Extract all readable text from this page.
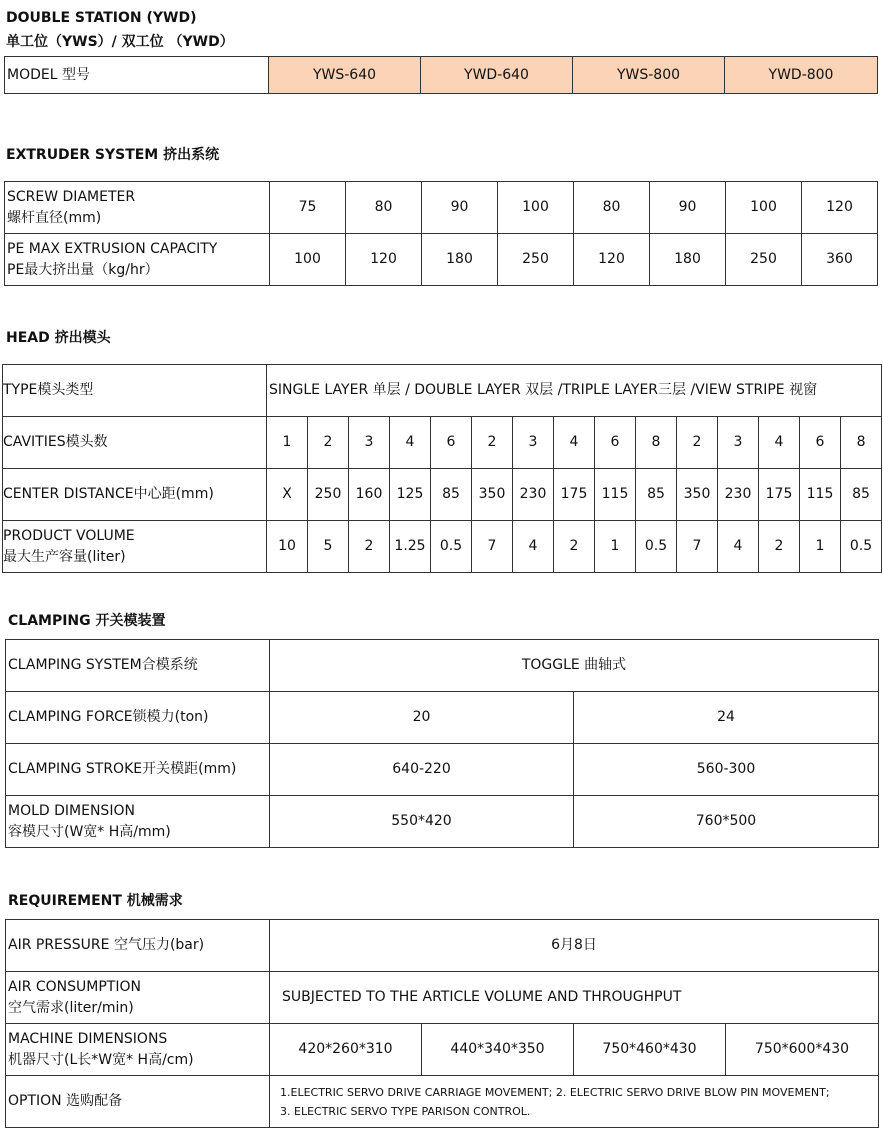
DOUBLE STATION (YWD)
单工位（YWS）/ 双工位 （YWD）
MODEL 型号	YWS-640	YWD-640	YWS-800	YWD-800
EXTRUDER SYSTEM 挤出系统
SCREW DIAMETER
螺杆直径(mm)	75	80	90	100	80	90	100	120

PE MAX EXTRUSION CAPACITY
PE最大挤出量（kg/hr）	100	120	180	250	120	180	250	360
HEAD 挤出模头
TYPE模头类型	SINGLE LAYER 单层 / DOUBLE LAYER 双层 /TRIPLE LAYER三层 /VIEW STRIPE 视窗														
CAVITIES模头数	1	2	3	4	6	2	3	4	6	8	2	3	4	6	8
CENTER DISTANCE中心距(mm)	X	250	160	125	85	350	230	175	115	85	350	230	175	115	85

PRODUCT VOLUME
最大生产容量(liter)	10	5	2	1.25	0.5	7	4	2	1	0.5	7	4	2	1	0.5
CLAMPING 开关模装置
CLAMPING SYSTEM合模系统	TOGGLE 曲轴式	
CLAMPING FORCE锁模力(ton)	20	24
CLAMPING STROKE开关模距(mm)	640-220	560-300

MOLD DIMENSION
容模尺寸(W宽* H高/mm)	550*420	760*500
REQUIREMENT 机械需求
AIR PRESSURE 空气压力(bar)	6月8日			

AIR CONSUMPTION
空气需求(liter/min)	SUBJECTED TO THE ARTICLE VOLUME AND THROUGHPUT			

MACHINE DIMENSIONS
机器尺寸(L长*W宽* H高/cm)	420*260*310	440*340*350	750*460*430	750*600*430
OPTION 选购配备	1.ELECTRIC SERVO DRIVE CARRIAGE MOVEMENT; 2. ELECTRIC SERVO DRIVE BLOW PIN MOVEMENT;
3. ELECTRIC SERVO TYPE PARISON CONTROL.			
